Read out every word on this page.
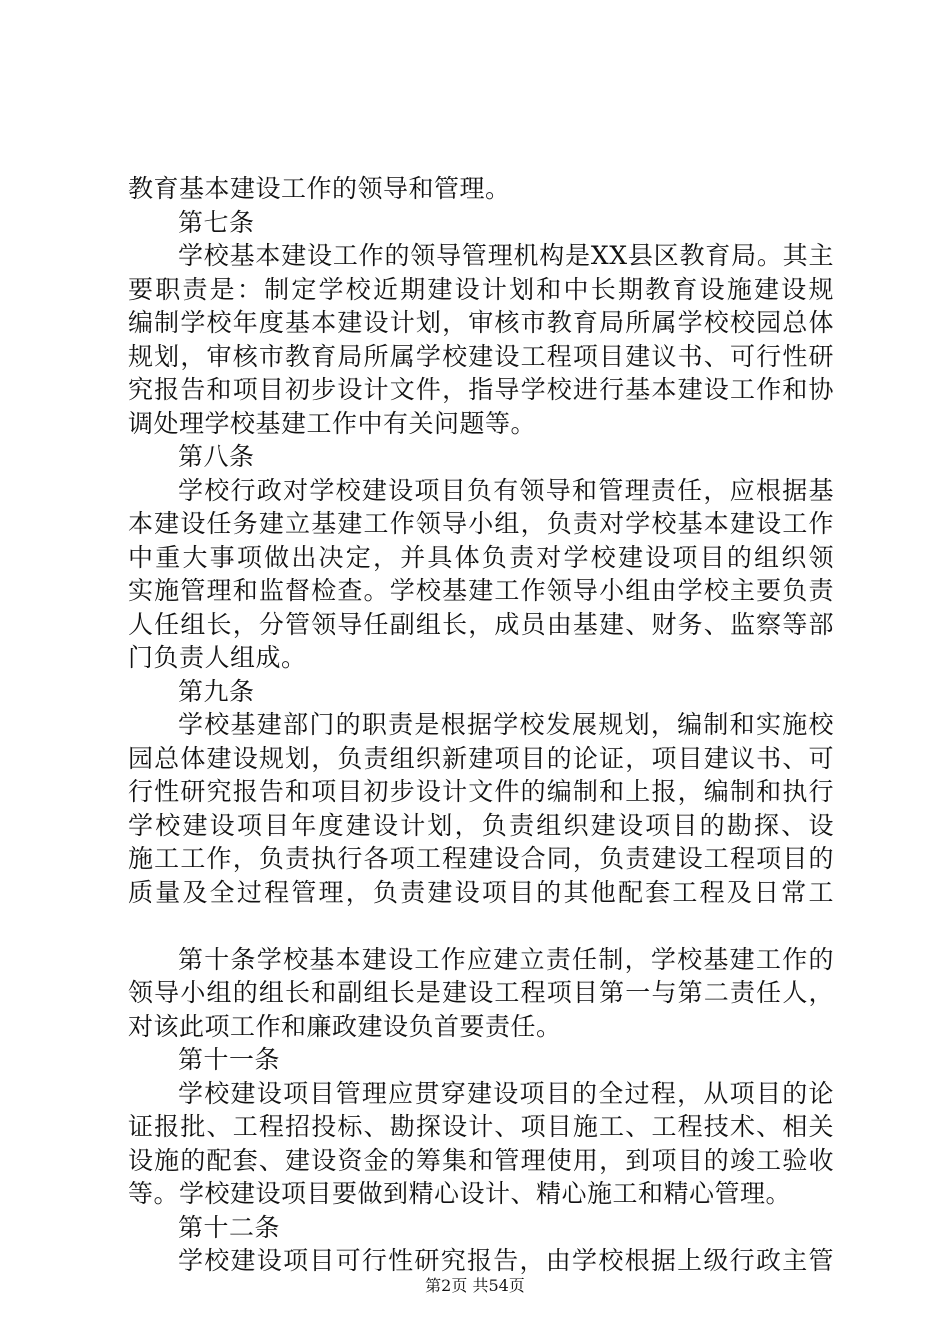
教育基本建设工作的领导和管理。
第七条
学校基本建设工作的领导管理机构是XX县区教育局。其主
要职责是：制定学校近期建设计划和中长期教育设施建设规
编制学校年度基本建设计划，审核市教育局所属学校校园总体
规划，审核市教育局所属学校建设工程项目建议书、可行性研
究报告和项目初步设计文件，指导学校进行基本建设工作和协
调处理学校基建工作中有关问题等。
第八条
学校行政对学校建设项目负有领导和管理责任，应根据基
本建设任务建立基建工作领导小组，负责对学校基本建设工作
中重大事项做出决定，并具体负责对学校建设项目的组织领
实施管理和监督检查。学校基建工作领导小组由学校主要负责
人任组长，分管领导任副组长，成员由基建、财务、监察等部
门负责人组成。
第九条
学校基建部门的职责是根据学校发展规划，编制和实施校
园总体建设规划，负责组织新建项目的论证，项目建议书、可
行性研究报告和项目初步设计文件的编制和上报，编制和执行
学校建设项目年度建设计划，负责组织建设项目的勘探、设
施工工作，负责执行各项工程建设合同，负责建设工程项目的
质量及全过程管理，负责建设项目的其他配套工程及日常工
第十条学校基本建设工作应建立责任制，学校基建工作的
领导小组的组长和副组长是建设工程项目第一与第二责任人，
对该此项工作和廉政建设负首要责任。
第十一条
学校建设项目管理应贯穿建设项目的全过程，从项目的论
证报批、工程招投标、勘探设计、项目施工、工程技术、相关
设施的配套、建设资金的筹集和管理使用，到项目的竣工验收
等。学校建设项目要做到精心设计、精心施工和精心管理。
第十二条
学校建设项目可行性研究报告，由学校根据上级行政主管
第2页 共54页
